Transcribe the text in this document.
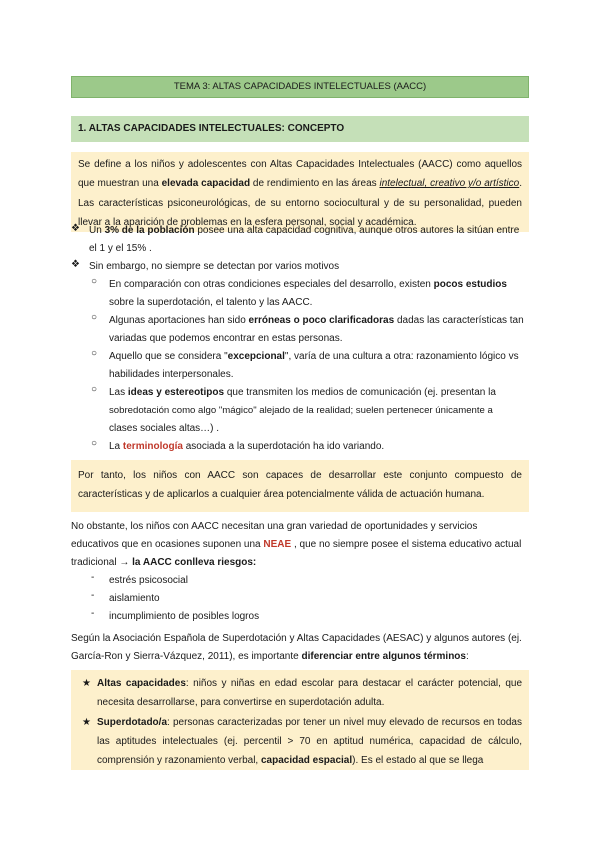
TEMA 3: ALTAS CAPACIDADES INTELECTUALES (AACC)
1. ALTAS CAPACIDADES INTELECTUALES: CONCEPTO
Se define a los niños y adolescentes con Altas Capacidades Intelectuales (AACC) como aquellos que muestran una elevada capacidad de rendimiento en las áreas intelectual, creativo y/o artístico. Las características psiconeurológicas, de su entorno sociocultural y de su personalidad, pueden llevar a la aparición de problemas en la esfera personal, social y académica.
❖ Un 3% de la población posee una alta capacidad cognitiva, aunque otros autores la sitúan entre
el 1 y el 15% .
❖ Sin embargo, no siempre se detectan por varios motivos
○ En comparación con otras condiciones especiales del desarrollo, existen pocos estudios
sobre la superdotación, el talento y las AACC.
○ Algunas aportaciones han sido erróneas o poco clarificadoras dadas las características tan
variadas que podemos encontrar en estas personas.
○ Aquello que se considera "excepcional", varía de una cultura a otra: razonamiento lógico vs
habilidades interpersonales.
○ Las ideas y estereotipos que transmiten los medios de comunicación (ej. presentan la
sobredotación como algo "mágico" alejado de la realidad; suelen pertenecer únicamente a
Por tanto, los niños con AACC son capaces de desarrollar este conjunto compuesto de características y de aplicarlos a cualquier área potencialmente válida de actuación humana.
clases sociales altas…) .
No obstante, los niños con AACC necesitan una gran variedad de oportunidades y servicios
educativos que en ocasiones suponen una NEAE , que no siempre posee el sistema educativo actual
tradicional → la AACC conlleva riesgos:
- estrés psicosocial
- aislamiento
- incumplimiento de posibles logros
Según la Asociación Española de Superdotación y Altas Capacidades (AESAC) y algunos autores (ej.
García-Ron y Sierra-Vázquez, 2011), es importante diferenciar entre algunos términos:
★ Altas capacidades: niños y niñas en edad escolar para destacar el carácter potencial, que necesita desarrollarse, para convertirse en superdotación adulta.
★ Superdotado/a: personas caracterizadas por tener un nivel muy elevado de recursos en todas las aptitudes intelectuales (ej. percentil > 70 en aptitud numérica, capacidad de cálculo, comprensión y razonamiento verbal, capacidad espacial). Es el estado al que se llega
○ La terminología asociada a la superdotación ha ido variando.
